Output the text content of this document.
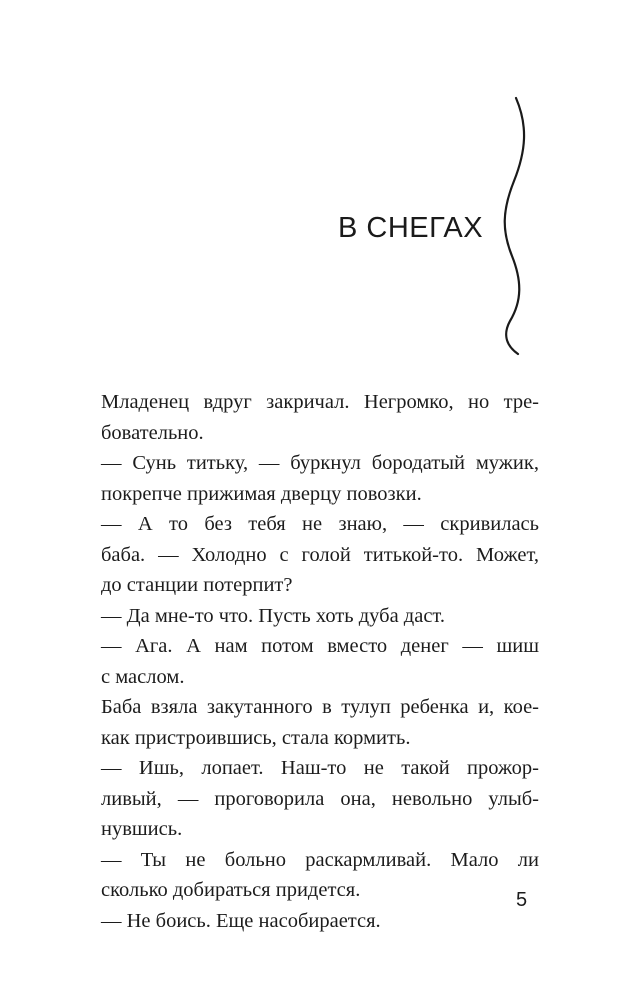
В СНЕГАХ
Младенец вдруг закричал. Негромко, но тре-
бовательно.
— Сунь титьку, — буркнул бородатый мужик,
покрепче прижимая дверцу повозки.
— А то без тебя не знаю, — скривилась
баба. — Холодно с голой титькой-то. Может,
до станции потерпит?
— Да мне-то что. Пусть хоть дуба даст.
— Ага. А нам потом вместо денег — шиш
с маслом.
Баба взяла закутанного в тулуп ребенка и, кое-
как пристроившись, стала кормить.
— Ишь, лопает. Наш-то не такой прожор-
ливый, — проговорила она, невольно улыб-
нувшись.
— Ты не больно раскармливай. Мало ли
сколько добираться придется.
— Не боись. Еще насобирается.
5
